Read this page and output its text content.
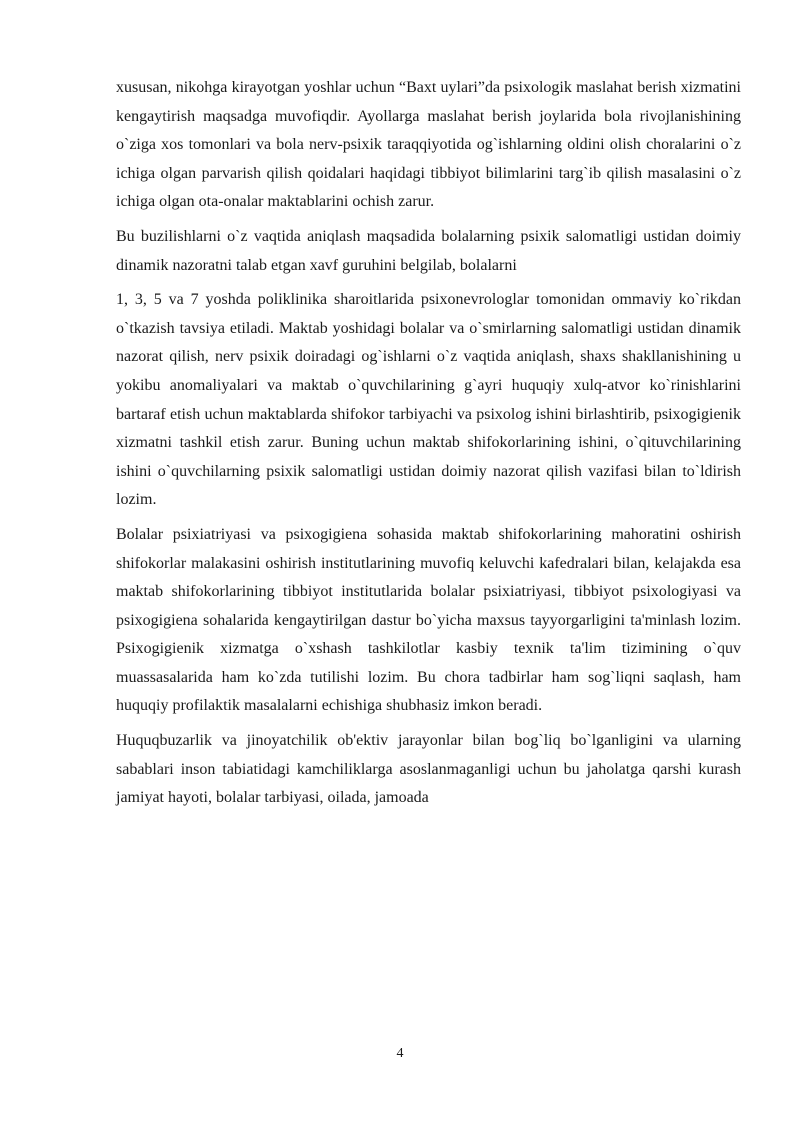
xususan, nikohga kirayotgan yoshlar uchun “Baxt uylari”da psixologik maslahat berish xizmatini kengaytirish maqsadga muvofiqdir. Ayollarga maslahat berish joylarida bola rivojlanishining o`ziga xos tomonlari va bola nerv-psixik taraqqiyotida og`ishlarning oldini olish choralarini o`z ichiga olgan parvarish qilish qoidalari haqidagi tibbiyot bilimlarini targ`ib qilish masalasini o`z ichiga olgan ota-onalar maktablarini ochish zarur.

Bu buzilishlarni o`z vaqtida aniqlash maqsadida bolalarning psixik salomatligi ustidan doimiy dinamik nazoratni talab etgan xavf guruhini belgilab, bolalarni

1, 3, 5 va 7 yoshda poliklinika sharoitlarida psixonevrologlar tomonidan ommaviy ko`rikdan o`tkazish tavsiya etiladi. Maktab yoshidagi bolalar va o`smirlarning salomatligi ustidan dinamik nazorat qilish, nerv psixik doiradagi og`ishlarni o`z vaqtida aniqlash, shaxs shakllanishining u yokibu anomaliyalari va maktab o`quvchilarining g`ayri huquqiy xulq-atvor ko`rinishlarini bartaraf etish uchun maktablarda shifokor tarbiyachi va psixolog ishini birlashtirib, psixogigienik xizmatni tashkil etish zarur. Buning uchun maktab shifokorlarining ishini, o`qituvchilarining ishini o`quvchilarning psixik salomatligi ustidan doimiy nazorat qilish vazifasi bilan to`ldirish lozim.

Bolalar psixiatriyasi va psixogigiena sohasida maktab shifokorlarining mahoratini oshirish shifokorlar malakasini oshirish institutlarining muvofiq keluvchi kafedralari bilan, kelajakda esa maktab shifokorlarining tibbiyot institutlarida bolalar psixiatriyasi, tibbiyot psixologiyasi va psixogigiena sohalarida kengaytirilgan dastur bo`yicha maxsus tayyorgarligini ta'minlash lozim. Psixogigienik xizmatga o`xshash tashkilotlar kasbiy texnik ta'lim tizimining o`quv muassasalarida ham ko`zda tutilishi lozim. Bu chora tadbirlar ham sog`liqni saqlash, ham huquqiy profilaktik masalalarni echishiga shubhasiz imkon beradi.

Huquqbuzarlik va jinoyatchilik ob'ektiv jarayonlar bilan bog`liq bo`lganligini va ularning sabablari inson tabiatidagi kamchiliklarga asoslanmaganligi uchun bu jaholatga qarshi kurash jamiyat hayoti, bolalar tarbiyasi, oilada, jamoada

4
